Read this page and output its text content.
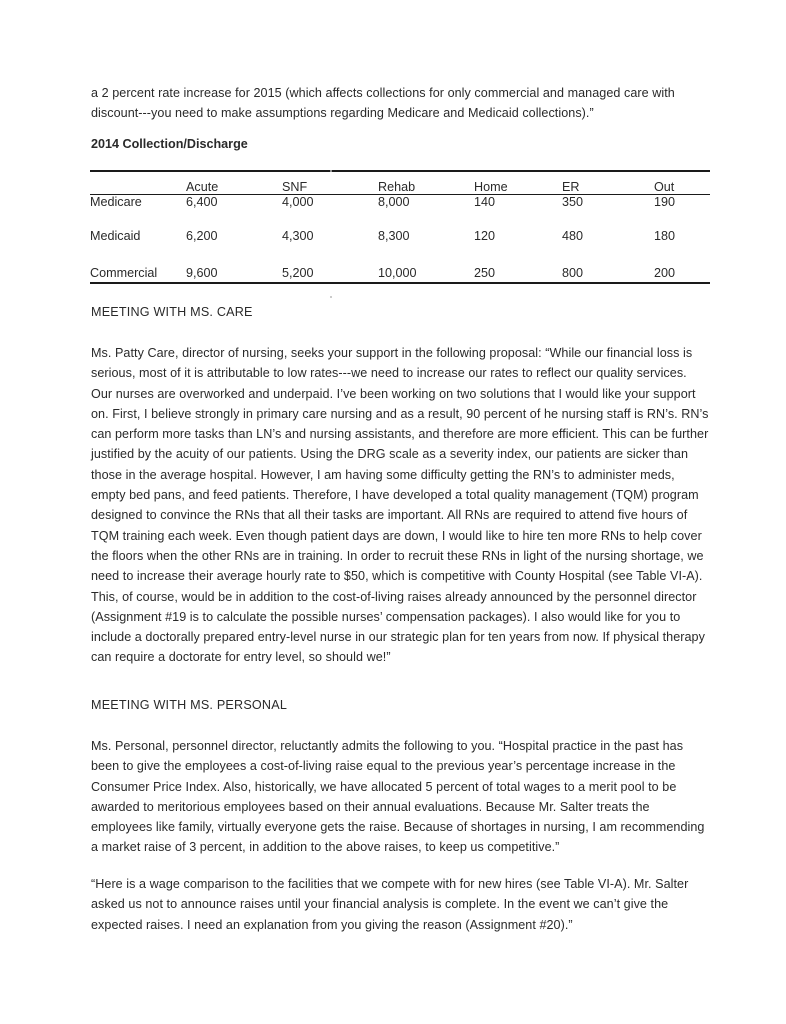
a 2 percent rate increase for 2015 (which affects collections for only commercial and managed care with discount---you need to make assumptions regarding Medicare and Medicaid collections).”

2014 Collection/Discharge

	Acute	SNF	Rehab	Home	ER	Out
Medicare	6,400	4,000	8,000	140	350	190
Medicaid	6,200	4,300	8,300	120	480	180
Commercial	9,600	5,200	10,000	250	800	200

MEETING WITH MS. CARE

Ms. Patty Care, director of nursing, seeks your support in the following proposal: “While our financial loss is serious, most of it is attributable to low rates---we need to increase our rates to reflect our quality services. Our nurses are overworked and underpaid. I’ve been working on two solutions that I would like your support on. First, I believe strongly in primary care nursing and as a result, 90 percent of he nursing staff is RN’s. RN’s can perform more tasks than LN’s and nursing assistants, and therefore are more efficient. This can be further justified by the acuity of our patients. Using the DRG scale as a severity index, our patients are sicker than those in the average hospital. However, I am having some difficulty getting the RN’s to administer meds, empty bed pans, and feed patients. Therefore, I have developed a total quality management (TQM) program designed to convince the RNs that all their tasks are important. All RNs are required to attend five hours of TQM training each week. Even though patient days are down, I would like to hire ten more RNs to help cover the floors when the other RNs are in training. In order to recruit these RNs in light of the nursing shortage, we need to increase their average hourly rate to $50, which is competitive with County Hospital (see Table VI-A). This, of course, would be in addition to the cost-of-living raises already announced by the personnel director (Assignment #19 is to calculate the possible nurses’ compensation packages). I also would like for you to include a doctorally prepared entry-level nurse in our strategic plan for ten years from now. If physical therapy can require a doctorate for entry level, so should we!”

MEETING WITH MS. PERSONAL

Ms. Personal, personnel director, reluctantly admits the following to you. “Hospital practice in the past has been to give the employees a cost-of-living raise equal to the previous year’s percentage increase in the Consumer Price Index. Also, historically, we have allocated 5 percent of total wages to a merit pool to be awarded to meritorious employees based on their annual evaluations. Because Mr. Salter treats the employees like family, virtually everyone gets the raise. Because of shortages in nursing, I am recommending a market raise of 3 percent, in addition to the above raises, to keep us competitive.”

“Here is a wage comparison to the facilities that we compete with for new hires (see Table VI-A). Mr. Salter asked us not to announce raises until your financial analysis is complete. In the event we can’t give the expected raises. I need an explanation from you giving the reason (Assignment #20).”
